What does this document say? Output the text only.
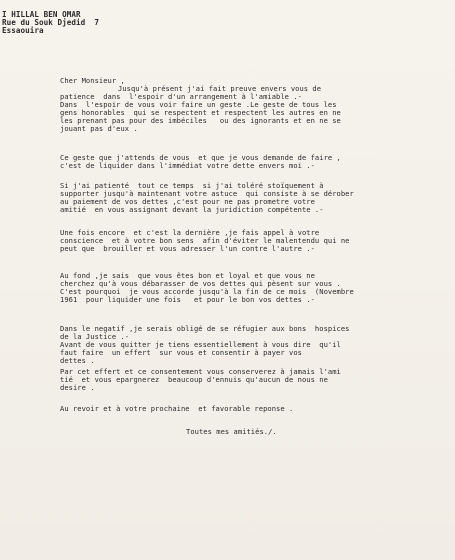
I HILLAL BEN OMAR
Rue du Souk Djedid  7
Essaouira
Cher Monsieur ,
Jusqu'à présent j'ai fait preuve envers vous de
patience  dans  l'espoir d'un arrangement à l'amiable .-
Dans  l'espoir de vous voir faire un geste .Le geste de tous les
gens honorables  qui se respectent et respectent les autres en ne
les prenant pas pour des imbéciles   ou des ignorants et en ne se
jouant pas d'eux .
Ce geste que j'attends de vous  et que je vous demande de faire ,
c'est de liquider dans l'immédiat votre dette envers moi .-
Si j'ai patienté  tout ce temps  si j'ai toléré stoïquement à
supporter jusqu'à maintenant votre astuce  qui consiste à se dérober
au paiement de vos dettes ,c'est pour ne pas prometre votre
amitié  en vous assignant devant la juridiction compétente .-
Une fois encore  et c'est la dernière ,je fais appel à votre
conscience  et à votre bon sens  afin d'éviter le malentendu qui ne
peut que  brouiller et vous adresser l'un contre l'autre .-
Au fond ,je sais  que vous êtes bon et loyal et que vous ne
cherchez qu'à vous débarasser de vos dettes qui pèsent sur vous .
C'est pourquoi  je vous accorde jusqu'à la fin de ce mois  (Novembre
1961  pour liquider une fois   et pour le bon vos dettes .-
Dans le negatif ,je serais obligé de se réfugier aux bons  hospices
de la Justice .-
Avant de vous quitter je tiens essentiellement à vous dire  qu'il
faut faire  un effert  sur vous et consentir à payer vos
dettes .
Par cet effert et ce consentement vous conserverez à jamais l'ami
tié  et vous epargnerez  beaucoup d'ennuis qu'aucun de nous ne
desire .
Au revoir et à votre prochaine  et favorable reponse .
Toutes mes amitiés./.
